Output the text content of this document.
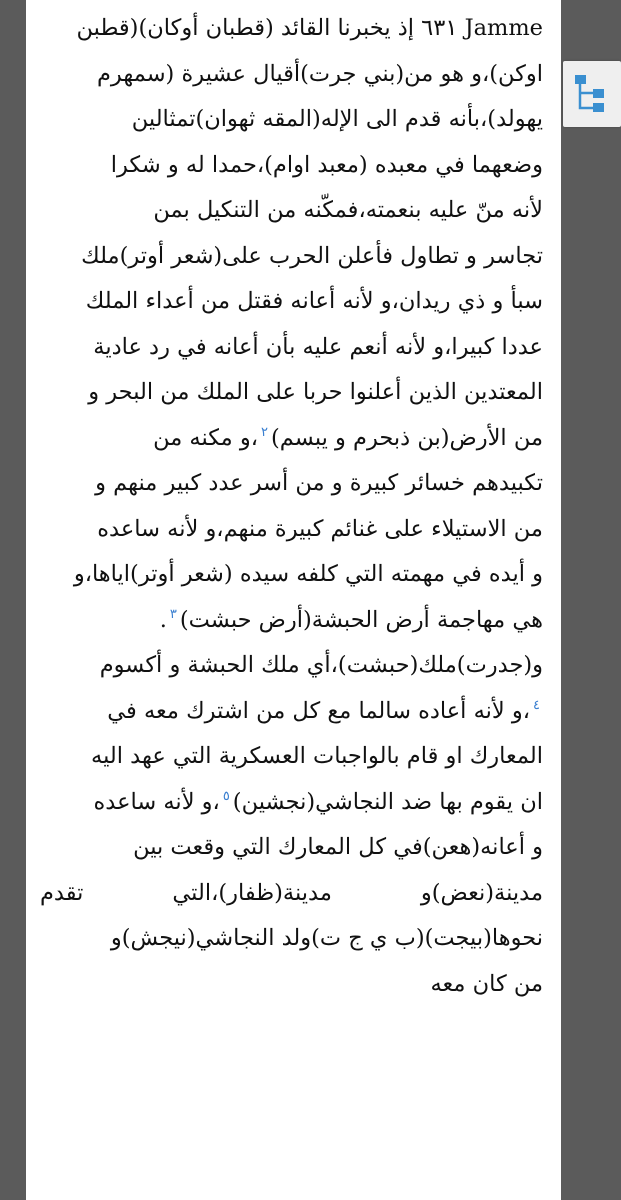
Jamme ٦٣١ إذ يخبرنا القائد (قطبان أوكان)(قطبن
اوكن)،و هو من(بني جرت)أقيال عشيرة (سمهرم
يهولد)،بأنه قدم الى الإله(المقه ثهوان)تمثالين
وضعهما في معبده (معبد اوام)،حمدا له و شكرا
لأنه منّ عليه بنعمته،فمكّنه من التنكيل بمن
تجاسر و تطاول فأعلن الحرب على(شعر أوتر)ملك
سبأ و ذي ريدان،و لأنه أعانه فقتل من أعداء الملك
عددا كبيرا،و لأنه أنعم عليه بأن أعانه في رد عادية
المعتدين الذين أعلنوا حربا على الملك من البحر و
من الأرض(بن ذبحرم و يبسم)$^٢$،و مكنه من
تكبيدهم خسائر كبيرة و من أسر عدد كبير منهم و
من الاستيلاء على غنائم كبيرة منهم،و لأنه ساعده
و أيده في مهمته التي كلفه سيده (شعر أوتر)اياها،و
هي مهاجمة أرض الحبشة(أرض حبشت)$^٣$.
و(جدرت)ملك(حبشت)،أي ملك الحبشة و أكسوم
$^٤$،و لأنه أعاده سالما مع كل من اشترك معه في
المعارك او قام بالواجبات العسكرية التي عهد اليه
ان يقوم بها ضد النجاشي(نجشين)$^٥$،و لأنه ساعده
و أعانه(هعن)في كل المعارك التي وقعت بين
مدينة(نعض)و مدينة(ظفار)،التي تقدم
نحوها(بيجت)(ب ي ج ت)ولد النجاشي(نيجش)و
من كان معه
